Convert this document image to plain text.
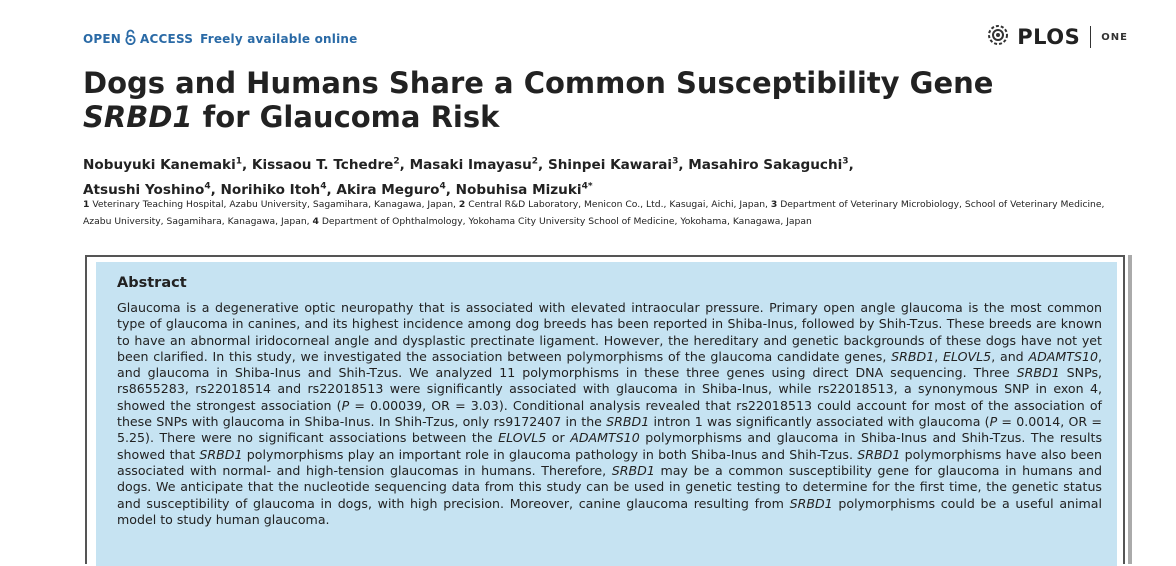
OPEN ACCESS Freely available online	PLOS ONE
Dogs and Humans Share a Common Susceptibility Gene
SRBD1 for Glaucoma Risk
Nobuyuki Kanemaki$^1$, Kissaou T. Tchedre$^2$, Masaki Imayasu$^2$, Shinpei Kawarai$^3$, Masahiro Sakaguchi$^3$,
Atsushi Yoshino$^4$, Norihiko Itoh$^4$, Akira Meguro$^4$, Nobuhisa Mizuki$^{4*}$
1 Veterinary Teaching Hospital, Azabu University, Sagamihara, Kanagawa, Japan, 2 Central R&D Laboratory, Menicon Co., Ltd., Kasugai, Aichi, Japan, 3 Department of Veterinary Microbiology, School of Veterinary Medicine, Azabu University, Sagamihara, Kanagawa, Japan, 4 Department of Ophthalmology, Yokohama City University School of Medicine, Yokohama, Kanagawa, Japan
Abstract
Glaucoma is a degenerative optic neuropathy that is associated with elevated intraocular pressure. Primary open angle glaucoma is the most common type of glaucoma in canines, and its highest incidence among dog breeds has been reported in Shiba-Inus, followed by Shih-Tzus. These breeds are known to have an abnormal iridocorneal angle and dysplastic prectinate ligament. However, the hereditary and genetic backgrounds of these dogs have not yet been clarified. In this study, we investigated the association between polymorphisms of the glaucoma candidate genes, SRBD1, ELOVL5, and ADAMTS10, and glaucoma in Shiba-Inus and Shih-Tzus. We analyzed 11 polymorphisms in these three genes using direct DNA sequencing. Three SRBD1 SNPs, rs8655283, rs22018514 and rs22018513 were significantly associated with glaucoma in Shiba-Inus, while rs22018513, a synonymous SNP in exon 4, showed the strongest association (P = 0.00039, OR = 3.03). Conditional analysis revealed that rs22018513 could account for most of the association of these SNPs with glaucoma in Shiba-Inus. In Shih-Tzus, only rs9172407 in the SRBD1 intron 1 was significantly associated with glaucoma (P = 0.0014, OR = 5.25). There were no significant associations between the ELOVL5 or ADAMTS10 polymorphisms and glaucoma in Shiba-Inus and Shih-Tzus. The results showed that SRBD1 polymorphisms play an important role in glaucoma pathology in both Shiba-Inus and Shih-Tzus. SRBD1 polymorphisms have also been associated with normal- and high-tension glaucomas in humans. Therefore, SRBD1 may be a common susceptibility gene for glaucoma in humans and dogs. We anticipate that the nucleotide sequencing data from this study can be used in genetic testing to determine for the first time, the genetic status and susceptibility of glaucoma in dogs, with high precision. Moreover, canine glaucoma resulting from SRBD1 polymorphisms could be a useful animal model to study human glaucoma.
